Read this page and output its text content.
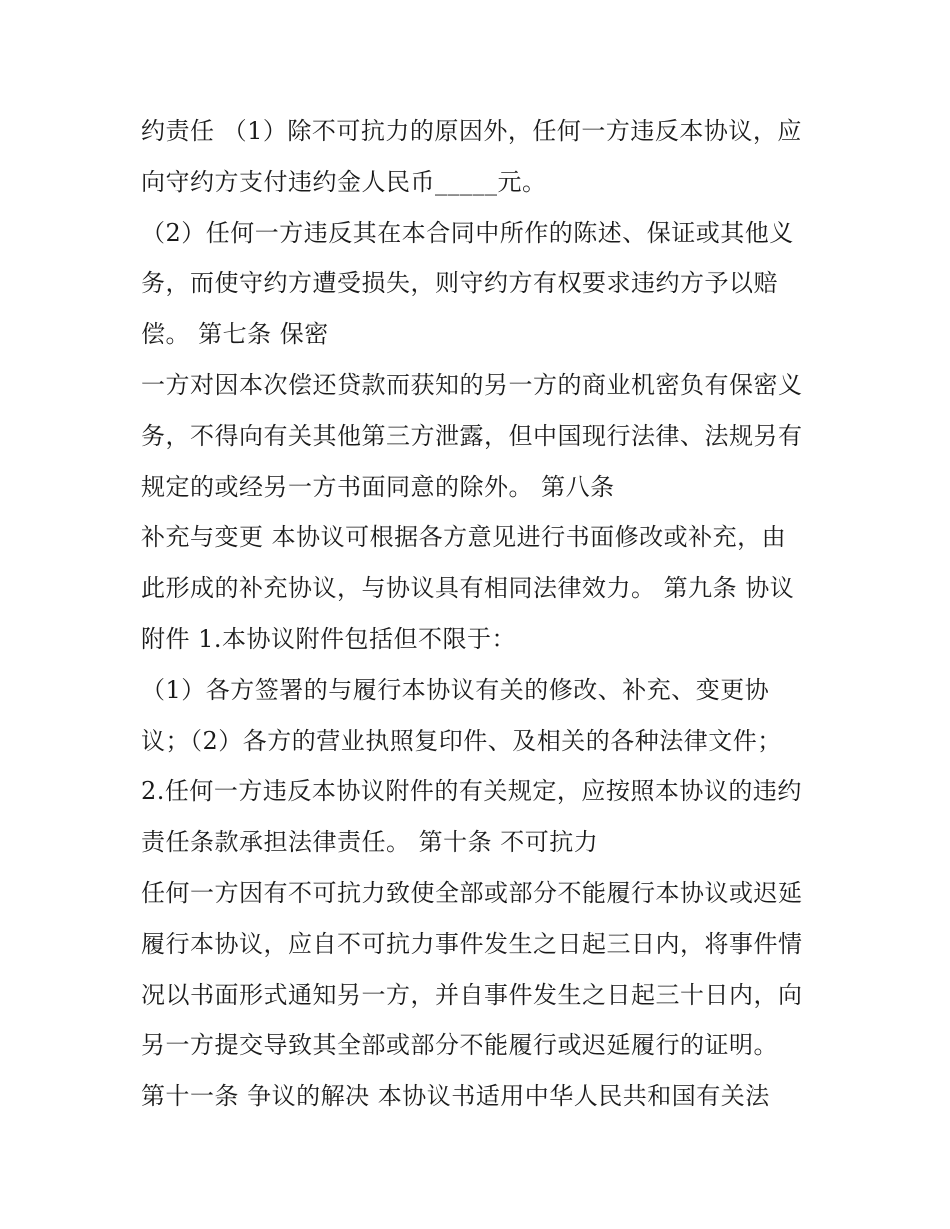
约责任 （1）除不可抗力的原因外，任何一方违反本协议，应
向守约方支付违约金人民币_____元。
（2）任何一方违反其在本合同中所作的陈述、保证或其他义
务，而使守约方遭受损失，则守约方有权要求违约方予以赔
偿。 第七条 保密
一方对因本次偿还贷款而获知的另一方的商业机密负有保密义
务，不得向有关其他第三方泄露，但中国现行法律、法规另有
规定的或经另一方书面同意的除外。 第八条
补充与变更 本协议可根据各方意见进行书面修改或补充，由
此形成的补充协议，与协议具有相同法律效力。 第九条 协议
附件 1.本协议附件包括但不限于：
（1）各方签署的与履行本协议有关的修改、补充、变更协
议；（2）各方的营业执照复印件、及相关的各种法律文件；
2.任何一方违反本协议附件的有关规定，应按照本协议的违约
责任条款承担法律责任。 第十条 不可抗力
任何一方因有不可抗力致使全部或部分不能履行本协议或迟延
履行本协议，应自不可抗力事件发生之日起三日内，将事件情
况以书面形式通知另一方，并自事件发生之日起三十日内，向
另一方提交导致其全部或部分不能履行或迟延履行的证明。
第十一条 争议的解决 本协议书适用中华人民共和国有关法
